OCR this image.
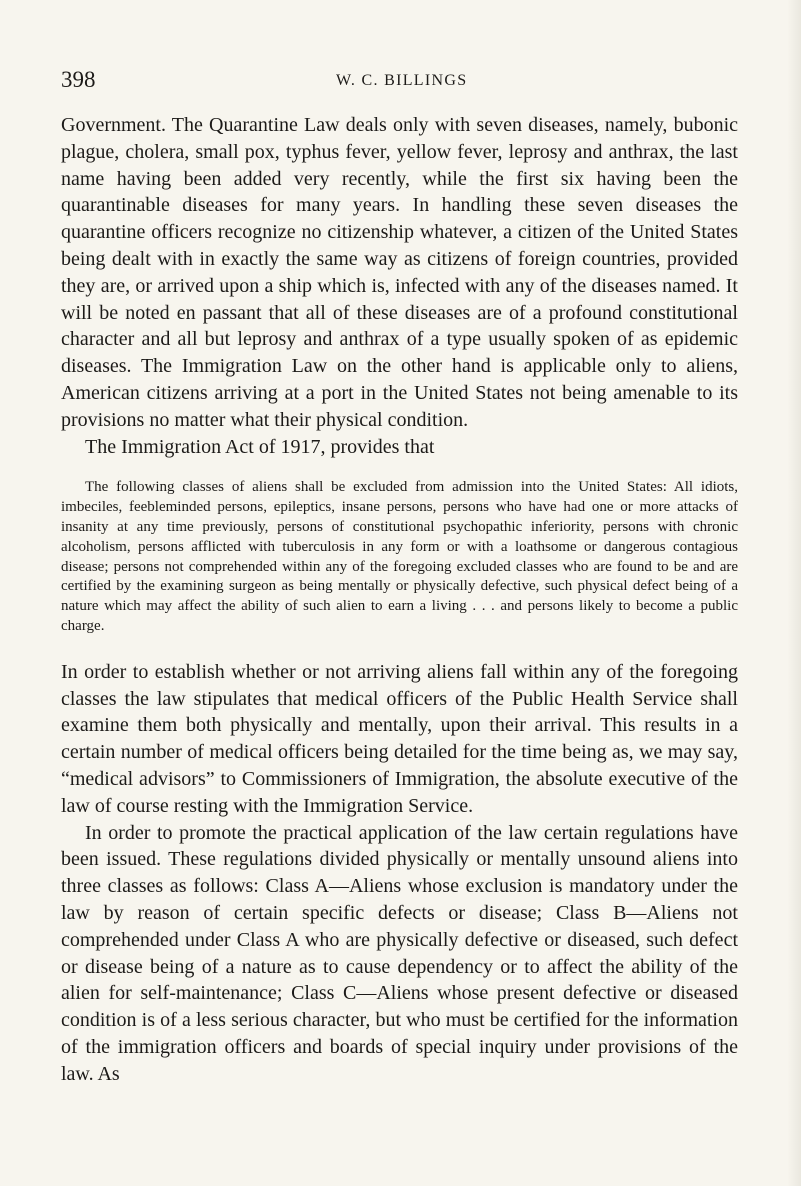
398	W. C. BILLINGS

Government. The Quarantine Law deals only with seven diseases, namely, bubonic plague, cholera, small pox, typhus fever, yellow fever, leprosy and anthrax, the last name having been added very recently, while the first six having been the quarantinable diseases for many years. In handling these seven diseases the quarantine officers recognize no citizenship whatever, a citizen of the United States being dealt with in exactly the same way as citizens of foreign countries, provided they are, or arrived upon a ship which is, infected with any of the diseases named. It will be noted en passant that all of these diseases are of a profound constitutional character and all but leprosy and anthrax of a type usually spoken of as epidemic diseases. The Immigration Law on the other hand is applicable only to aliens, American citizens arriving at a port in the United States not being amenable to its provisions no matter what their physical condition.

The Immigration Act of 1917, provides that

The following classes of aliens shall be excluded from admission into the United States: All idiots, imbeciles, feebleminded persons, epileptics, insane persons, persons who have had one or more attacks of insanity at any time previously, persons of constitutional psychopathic inferiority, persons with chronic alcoholism, persons afflicted with tuberculosis in any form or with a loathsome or dangerous contagious disease; persons not comprehended within any of the foregoing excluded classes who are found to be and are certified by the examining surgeon as being mentally or physically defective, such physical defect being of a nature which may affect the ability of such alien to earn a living . . . and persons likely to become a public charge.

In order to establish whether or not arriving aliens fall within any of the foregoing classes the law stipulates that medical officers of the Public Health Service shall examine them both physically and mentally, upon their arrival. This results in a certain number of medical officers being detailed for the time being as, we may say, “medical advisors” to Commissioners of Immigration, the absolute executive of the law of course resting with the Immigration Service.

In order to promote the practical application of the law certain regulations have been issued. These regulations divided physically or mentally unsound aliens into three classes as follows: Class A—Aliens whose exclusion is mandatory under the law by reason of certain specific defects or disease; Class B—Aliens not comprehended under Class A who are physically defective or diseased, such defect or disease being of a nature as to cause dependency or to affect the ability of the alien for self-maintenance; Class C—Aliens whose present defective or diseased condition is of a less serious character, but who must be certified for the information of the immigration officers and boards of special inquiry under provisions of the law. As
